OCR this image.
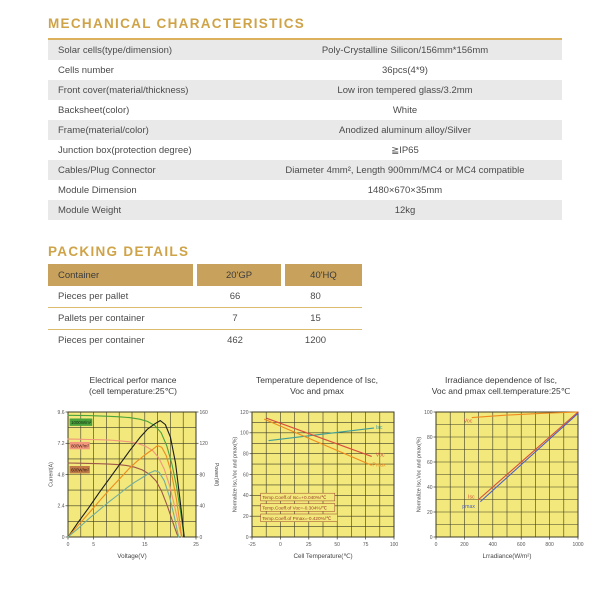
MECHANICAL CHARACTERISTICS
Solar cells(type/dimension)	Poly-Crystalline Silicon/156mm*156mm
Cells number	36pcs(4*9)
Front cover(material/thickness)	Low iron tempered glass/3.2mm
Backsheet(color)	White
Frame(material/color)	Anodized aluminum alloy/Silver
Junction box(protection degree)	≧IP65
Cables/Plug Connector	Diameter 4mm², Length 900mm/MC4 or MC4 compatible
Module Dimension	1480×670×35mm
Module Weight	12kg
PACKING DETAILS
Container	20'GP	40'HQ
Pieces per pallet	66	80
Pallets per container	7	15
Pieces per container	462	1200
Electrical perfor mance
(cell temperature:25℃)
0	5	15	25
0
2.4
4.8
7.2
9.6
0
40
80
120
160
1000W/m²
800W/m²
600W/m²
Voltage(V)
Current(A)	Power(W)
Temperature dependence of Isc,
Voc and pmax
-25	0	25	50	75	100
0
20
40
60
80
100
120
Isc
Voc
Pmax
Temp.Coeff.of Isc=+0.040%/℃
Temp.Coeff.of Voc=-0.304%/℃
Temp.Coeff.of Pmax=-0.420%/℃
Cell Temperature(℃)
Normalize Isc,Voc and pmax(%)
Irradiance dependence of Isc,
Voc and pmax cell.temperature:25℃
0	200	400	600	800	1000
0
20
40
60
80
100
Voc
Isc
pmax
Lrradiance(W/m²)
Normalize Isc,Voc and pmax(%)
